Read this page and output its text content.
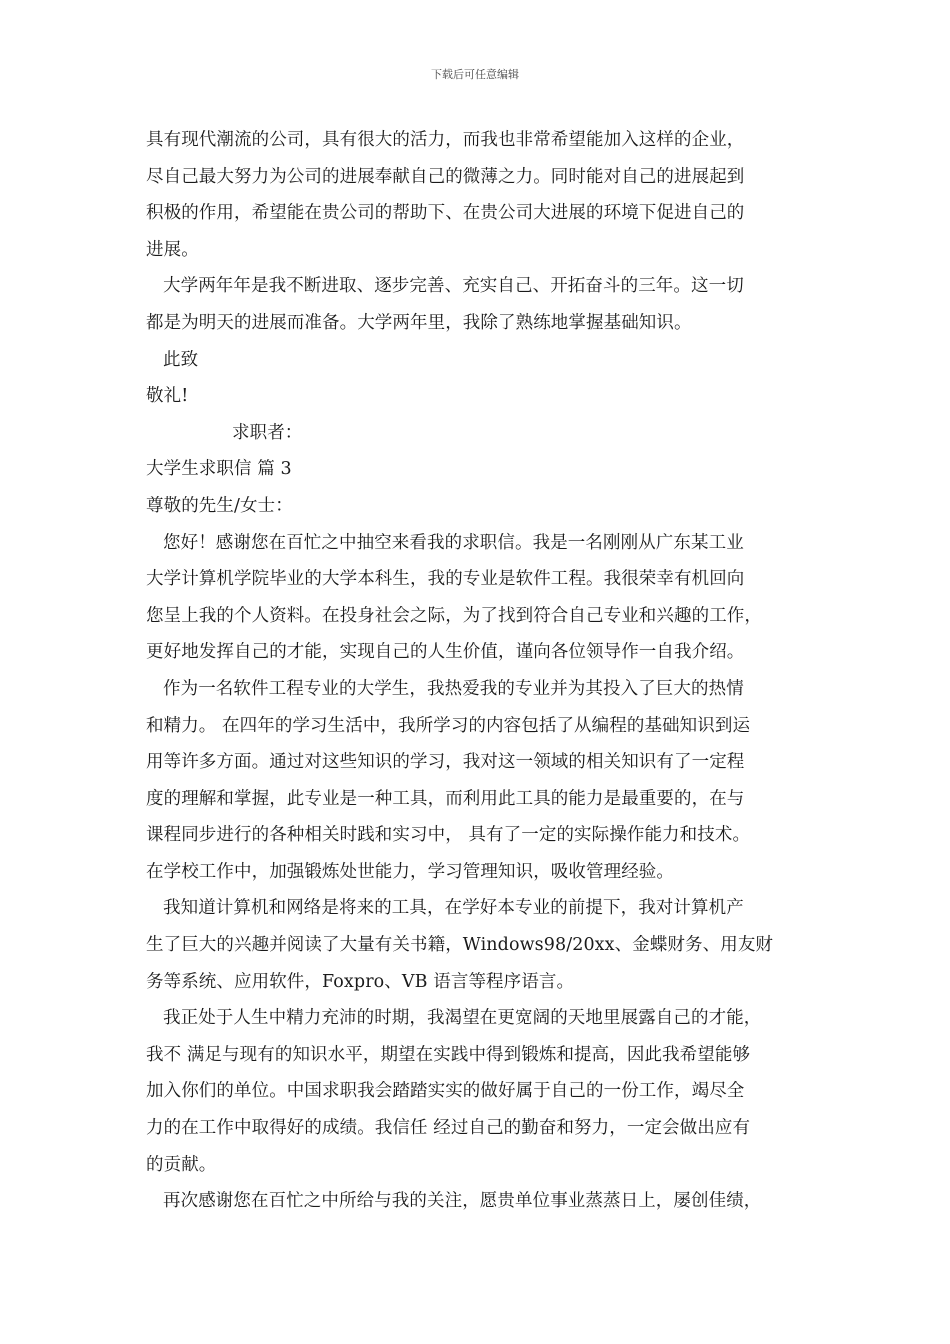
下载后可任意编辑
具有现代潮流的公司，具有很大的活力，而我也非常希望能加入这样的企业，
尽自己最大努力为公司的进展奉献自己的微薄之力。同时能对自己的进展起到
积极的作用，希望能在贵公司的帮助下、在贵公司大进展的环境下促进自己的
进展。
大学两年年是我不断进取、逐步完善、充实自己、开拓奋斗的三年。这一切
都是为明天的进展而准备。大学两年里，我除了熟练地掌握基础知识。
此致
敬礼!
求职者：
大学生求职信 篇 3
尊敬的先生/女士：
您好！感谢您在百忙之中抽空来看我的求职信。我是一名刚刚从广东某工业
大学计算机学院毕业的大学本科生，我的专业是软件工程。我很荣幸有机回向
您呈上我的个人资料。在投身社会之际，为了找到符合自己专业和兴趣的工作，
更好地发挥自己的才能，实现自己的人生价值，谨向各位领导作一自我介绍。
作为一名软件工程专业的大学生，我热爱我的专业并为其投入了巨大的热情
和精力。 在四年的学习生活中，我所学习的内容包括了从编程的基础知识到运
用等许多方面。通过对这些知识的学习，我对这一领域的相关知识有了一定程
度的理解和掌握，此专业是一种工具，而利用此工具的能力是最重要的，在与
课程同步进行的各种相关时践和实习中， 具有了一定的实际操作能力和技术。
在学校工作中，加强锻炼处世能力，学习管理知识，吸收管理经验。
我知道计算机和网络是将来的工具，在学好本专业的前提下，我对计算机产
生了巨大的兴趣并阅读了大量有关书籍，Windows98/20xx、金蝶财务、用友财
务等系统、应用软件，Foxpro、VB 语言等程序语言。
我正处于人生中精力充沛的时期，我渴望在更宽阔的天地里展露自己的才能，
我不 满足与现有的知识水平，期望在实践中得到锻炼和提高，因此我希望能够
加入你们的单位。中国求职我会踏踏实实的做好属于自己的一份工作，竭尽全
力的在工作中取得好的成绩。我信任 经过自己的勤奋和努力，一定会做出应有
的贡献。
再次感谢您在百忙之中所给与我的关注，愿贵单位事业蒸蒸日上，屡创佳绩，
